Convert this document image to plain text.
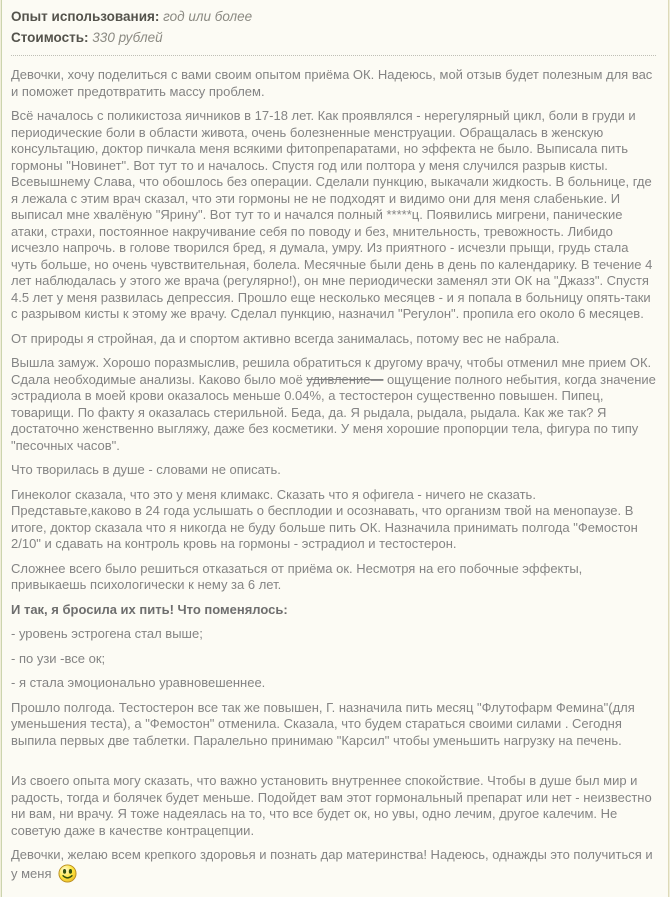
Опыт использования: год или более

Стоимость: 330 рублей

Девочки, хочу поделиться с вами своим опытом приёма ОК. Надеюсь, мой отзыв будет полезным для вас и поможет предотвратить массу проблем.

Всё началось с поликистоза яичников в 17-18 лет. Как проявлялся - нерегулярный цикл, боли в груди и периодические боли в области живота, очень болезненные менструации. Обращалась в женскую консультацию, доктор пичкала меня всякими фитопрепаратами, но эффекта не было. Выписала пить гормоны "Новинет". Вот тут то и началось. Спустя год или полтора у меня случился разрыв кисты. Всевышнему Слава, что обошлось без операции. Сделали пункцию, выкачали жидкость. В больнице, где я лежала с этим врач сказал, что эти гормоны не не подходят и видимо они для меня слабенькие. И выписал мне хвалёную "Ярину". Вот тут то и начался полный *****ц. Появились мигрени, панические атаки, страхи, постоянное накручивание себя по поводу и без, мнительность, тревожность. Либидо исчезло напрочь. в голове творился бред, я думала, умру. Из приятного - исчезли прыщи, грудь стала чуть больше, но очень чувствительная, болела. Месячные были день в день по календарику. В течение 4 лет наблюдалась у этого же врача (регулярно!), он мне периодически заменял эти ОК на "Джазз". Спустя 4.5 лет у меня развилась депрессия. Прошло еще несколько месяцев - и я попала в больницу опять-таки с разрывом кисты к этому же врачу. Сделал пункцию, назначил "Регулон". пропила его около 6 месяцев.

От природы я стройная, да и спортом активно всегда занималась, потому вес не набрала.

Вышла замуж. Хорошо поразмыслив, решила обратиться к другому врачу, чтобы отменил мне прием ОК. Сдала необходимые анализы. Каково было моё удивление— ощущение полного небытия, когда значение эстрадиола в моей крови оказалось меньше 0.04%, а тестостерон существенно повышен. Пипец, товарищи. По факту я оказалась стерильной. Беда, да. Я рыдала, рыдала, рыдала. Как же так? Я достаточно женственно выгляжу, даже без косметики. У меня хорошие пропорции тела, фигура по типу "песочных часов".

Что творилась в душе - словами не описать.

Гинеколог сказала, что это у меня климакс. Сказать что я офигела - ничего не сказать. Представьте,каково в 24 года услышать о бесплодии и осознавать, что организм твой на менопаузе. В итоге, доктор сказала что я никогда не буду больше пить ОК. Назначила принимать полгода "Фемостон 2/10" и сдавать на контроль кровь на гормоны - эстрадиол и тестостерон.

Сложнее всего было решиться отказаться от приёма ок. Несмотря на его побочные эффекты, привыкаешь психологически к нему за 6 лет.

И так, я бросила их пить! Что поменялось:

- уровень эстрогена стал выше;

- по узи -все ок;

- я стала эмоционально уравновешеннее.

Прошло полгода. Тестостерон все так же повышен, Г. назначила пить месяц "Флутофарм Фемина"(для уменьшения теста), а "Фемостон" отменила. Сказала, что будем стараться своими силами . Сегодня выпила первых две таблетки. Паралельно принимаю "Карсил" чтобы уменьшить нагрузку на печень.

Из своего опыта могу сказать, что важно установить внутреннее спокойствие. Чтобы в душе был мир и радость, тогда и болячек будет меньше. Подойдет вам этот гормональный препарат или нет - неизвестно ни вам, ни врачу. Я тоже надеялась на то, что все будет ок, но увы, одно лечим, другое калечим. Не советую даже в качестве контрацепции.

Девочки, желаю всем крепкого здоровья и познать дар материнства! Надеюсь, однажды это получиться и у меня
